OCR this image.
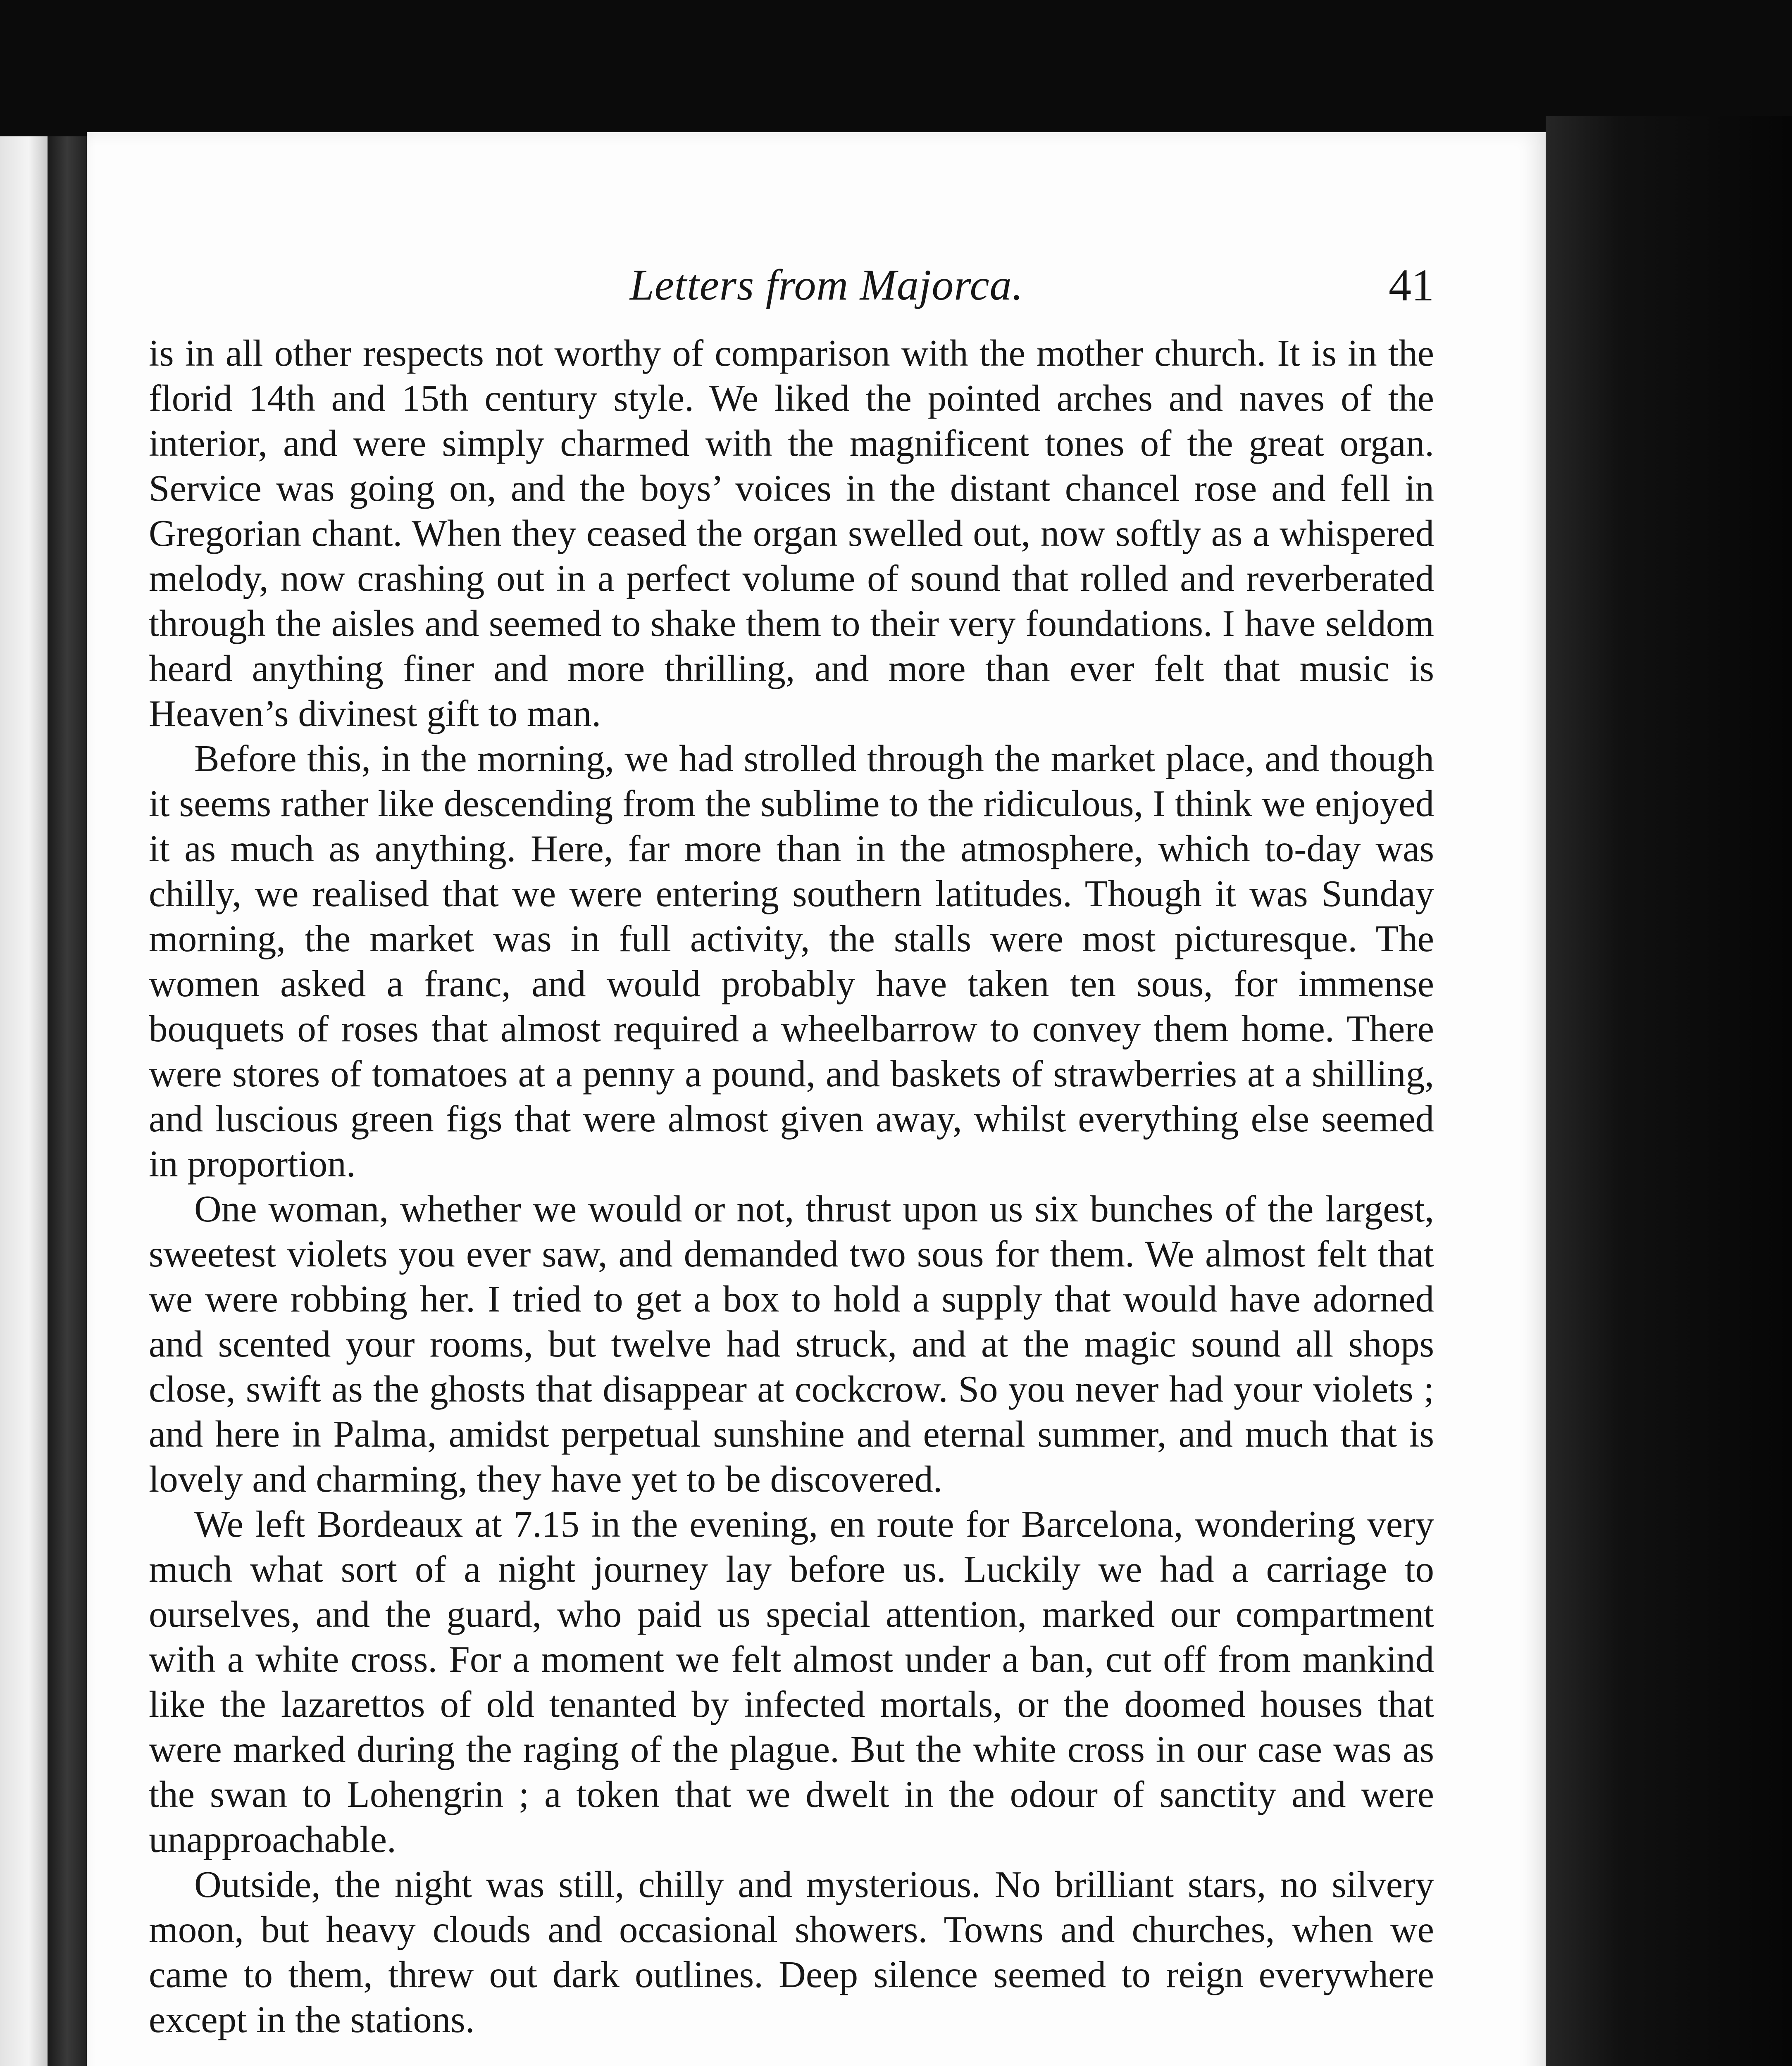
Letters from Majorca.	41

is in all other respects not worthy of comparison with the mother church. It is in the florid 14th and 15th century style. We liked the pointed arches and naves of the interior, and were simply charmed with the magnificent tones of the great organ. Service was going on, and the boys’ voices in the distant chancel rose and fell in Gregorian chant. When they ceased the organ swelled out, now softly as a whispered melody, now crashing out in a perfect volume of sound that rolled and reverberated through the aisles and seemed to shake them to their very foundations. I have seldom heard anything finer and more thrilling, and more than ever felt that music is Heaven’s divinest gift to man.

Before this, in the morning, we had strolled through the market place, and though it seems rather like descending from the sublime to the ridiculous, I think we enjoyed it as much as anything. Here, far more than in the atmosphere, which to-day was chilly, we realised that we were entering southern latitudes. Though it was Sunday morning, the market was in full activity, the stalls were most picturesque. The women asked a franc, and would probably have taken ten sous, for immense bouquets of roses that almost required a wheelbarrow to convey them home. There were stores of tomatoes at a penny a pound, and baskets of strawberries at a shilling, and luscious green figs that were almost given away, whilst everything else seemed in proportion.

One woman, whether we would or not, thrust upon us six bunches of the largest, sweetest violets you ever saw, and demanded two sous for them. We almost felt that we were robbing her. I tried to get a box to hold a supply that would have adorned and scented your rooms, but twelve had struck, and at the magic sound all shops close, swift as the ghosts that disappear at cockcrow. So you never had your violets ; and here in Palma, amidst perpetual sunshine and eternal summer, and much that is lovely and charming, they have yet to be discovered.

We left Bordeaux at 7.15 in the evening, en route for Barcelona, wondering very much what sort of a night journey lay before us. Luckily we had a carriage to ourselves, and the guard, who paid us special attention, marked our compartment with a white cross. For a moment we felt almost under a ban, cut off from mankind like the lazarettos of old tenanted by infected mortals, or the doomed houses that were marked during the raging of the plague. But the white cross in our case was as the swan to Lohengrin ; a token that we dwelt in the odour of sanctity and were unapproachable.

Outside, the night was still, chilly and mysterious. No brilliant stars, no silvery moon, but heavy clouds and occasional showers. Towns and churches, when we came to them, threw out dark outlines. Deep silence seemed to reign everywhere except in the stations.
